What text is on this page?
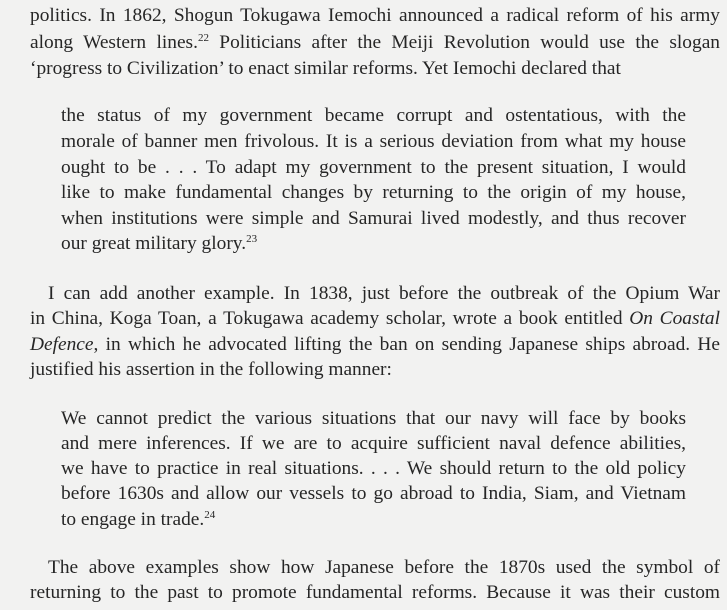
politics. In 1862, Shogun Tokugawa Iemochi announced a radical reform of his army
along Western lines.$^{22}$ Politicians after the Meiji Revolution would use the slogan
‘progress to Civilization’ to enact similar reforms. Yet Iemochi declared that
the status of my government became corrupt and ostentatious, with the
morale of banner men frivolous. It is a serious deviation from what my house
ought to be . . . To adapt my government to the present situation, I would
like to make fundamental changes by returning to the origin of my house,
when institutions were simple and Samurai lived modestly, and thus recover
our great military glory.$^{23}$
I can add another example. In 1838, just before the outbreak of the Opium War
in China, Koga Toan, a Tokugawa academy scholar, wrote a book entitled On Coastal
Defence, in which he advocated lifting the ban on sending Japanese ships abroad. He
justified his assertion in the following manner:
We cannot predict the various situations that our navy will face by books
and mere inferences. If we are to acquire sufficient naval defence abilities,
we have to practice in real situations. . . . We should return to the old policy
before 1630s and allow our vessels to go abroad to India, Siam, and Vietnam
to engage in trade.$^{24}$
The above examples show how Japanese before the 1870s used the symbol of
returning to the past to promote fundamental reforms. Because it was their custom
